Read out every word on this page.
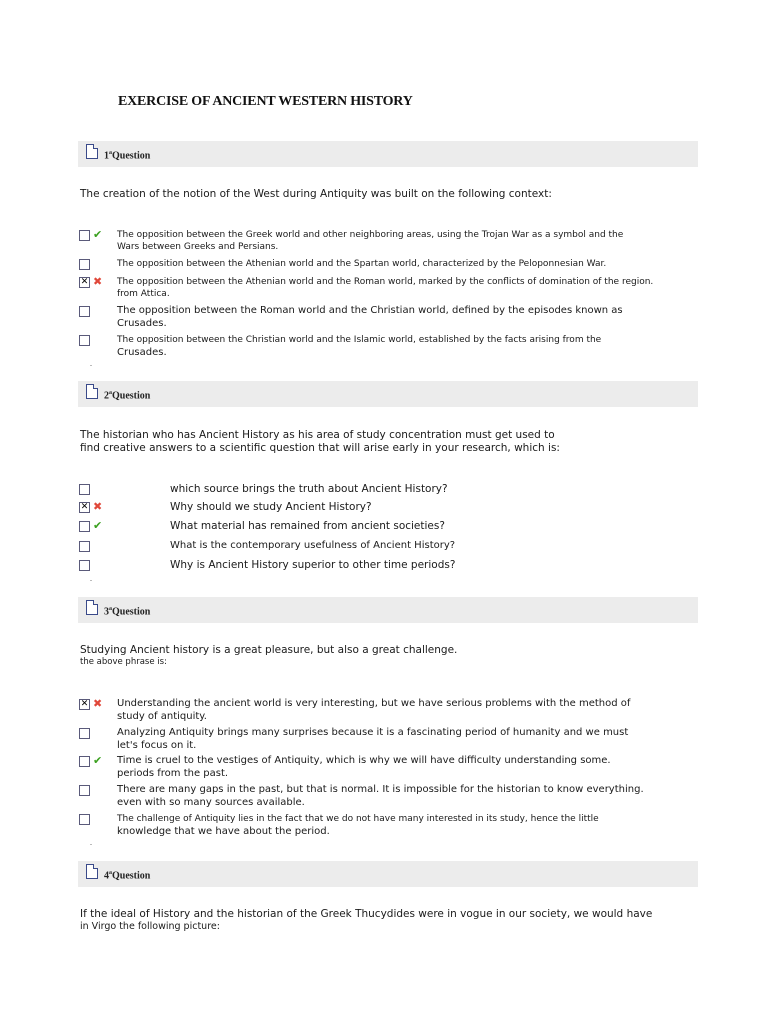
EXERCISE OF ANCIENT WESTERN HISTORY
1$^a$Question
The creation of the notion of the West during Antiquity was built on the following context:
✔ The opposition between the Greek world and other neighboring areas, using the Trojan War as a symbol and the
Wars between Greeks and Persians.
The opposition between the Athenian world and the Spartan world, characterized by the Peloponnesian War.
✕ ✖ The opposition between the Athenian world and the Roman world, marked by the conflicts of domination of the region.
from Attica.
The opposition between the Roman world and the Christian world, defined by the episodes known as
Crusades.
The opposition between the Christian world and the Islamic world, established by the facts arising from the
Crusades.
2$^a$Question
The historian who has Ancient History as his area of study concentration must get used to
find creative answers to a scientific question that will arise early in your research, which is:
which source brings the truth about Ancient History?
✕ ✖	Why should we study Ancient History?
✔	What material has remained from ancient societies?
What is the contemporary usefulness of Ancient History?
Why is Ancient History superior to other time periods?
3$^a$Question
Studying Ancient history is a great pleasure, but also a great challenge.
the above phrase is:
✕ ✖ Understanding the ancient world is very interesting, but we have serious problems with the method of
study of antiquity.
Analyzing Antiquity brings many surprises because it is a fascinating period of humanity and we must
let's focus on it.
✔ Time is cruel to the vestiges of Antiquity, which is why we will have difficulty understanding some.
periods from the past.
There are many gaps in the past, but that is normal. It is impossible for the historian to know everything.
even with so many sources available.
The challenge of Antiquity lies in the fact that we do not have many interested in its study, hence the little
knowledge that we have about the period.
4$^a$Question
If the ideal of History and the historian of the Greek Thucydides were in vogue in our society, we would have
in Virgo the following picture:
